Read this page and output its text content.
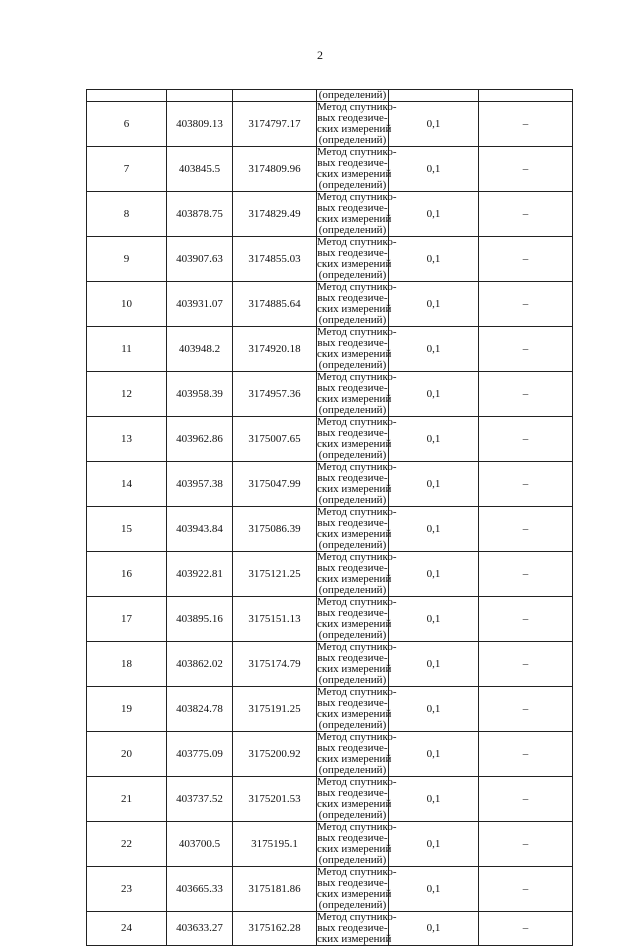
2
			(определений)		
6	403809.13	3174797.17	Метод спутнико-
вых геодезиче-
ских измерений
(определений)	0,1	–
7	403845.5	3174809.96	Метод спутнико-
вых геодезиче-
ских измерений
(определений)	0,1	–
8	403878.75	3174829.49	Метод спутнико-
вых геодезиче-
ских измерений
(определений)	0,1	–
9	403907.63	3174855.03	Метод спутнико-
вых геодезиче-
ских измерений
(определений)	0,1	–
10	403931.07	3174885.64	Метод спутнико-
вых геодезиче-
ских измерений
(определений)	0,1	–
11	403948.2	3174920.18	Метод спутнико-
вых геодезиче-
ских измерений
(определений)	0,1	–
12	403958.39	3174957.36	Метод спутнико-
вых геодезиче-
ских измерений
(определений)	0,1	–
13	403962.86	3175007.65	Метод спутнико-
вых геодезиче-
ских измерений
(определений)	0,1	–
14	403957.38	3175047.99	Метод спутнико-
вых геодезиче-
ских измерений
(определений)	0,1	–
15	403943.84	3175086.39	Метод спутнико-
вых геодезиче-
ских измерений
(определений)	0,1	–
16	403922.81	3175121.25	Метод спутнико-
вых геодезиче-
ских измерений
(определений)	0,1	–
17	403895.16	3175151.13	Метод спутнико-
вых геодезиче-
ских измерений
(определений)	0,1	–
18	403862.02	3175174.79	Метод спутнико-
вых геодезиче-
ских измерений
(определений)	0,1	–
19	403824.78	3175191.25	Метод спутнико-
вых геодезиче-
ских измерений
(определений)	0,1	–
20	403775.09	3175200.92	Метод спутнико-
вых геодезиче-
ских измерений
(определений)	0,1	–
21	403737.52	3175201.53	Метод спутнико-
вых геодезиче-
ских измерений
(определений)	0,1	–
22	403700.5	3175195.1	Метод спутнико-
вых геодезиче-
ских измерений
(определений)	0,1	–
23	403665.33	3175181.86	Метод спутнико-
вых геодезиче-
ских измерений
(определений)	0,1	–
24	403633.27	3175162.28	Метод спутнико-
вых геодезиче-
ских измерений	0,1	–
